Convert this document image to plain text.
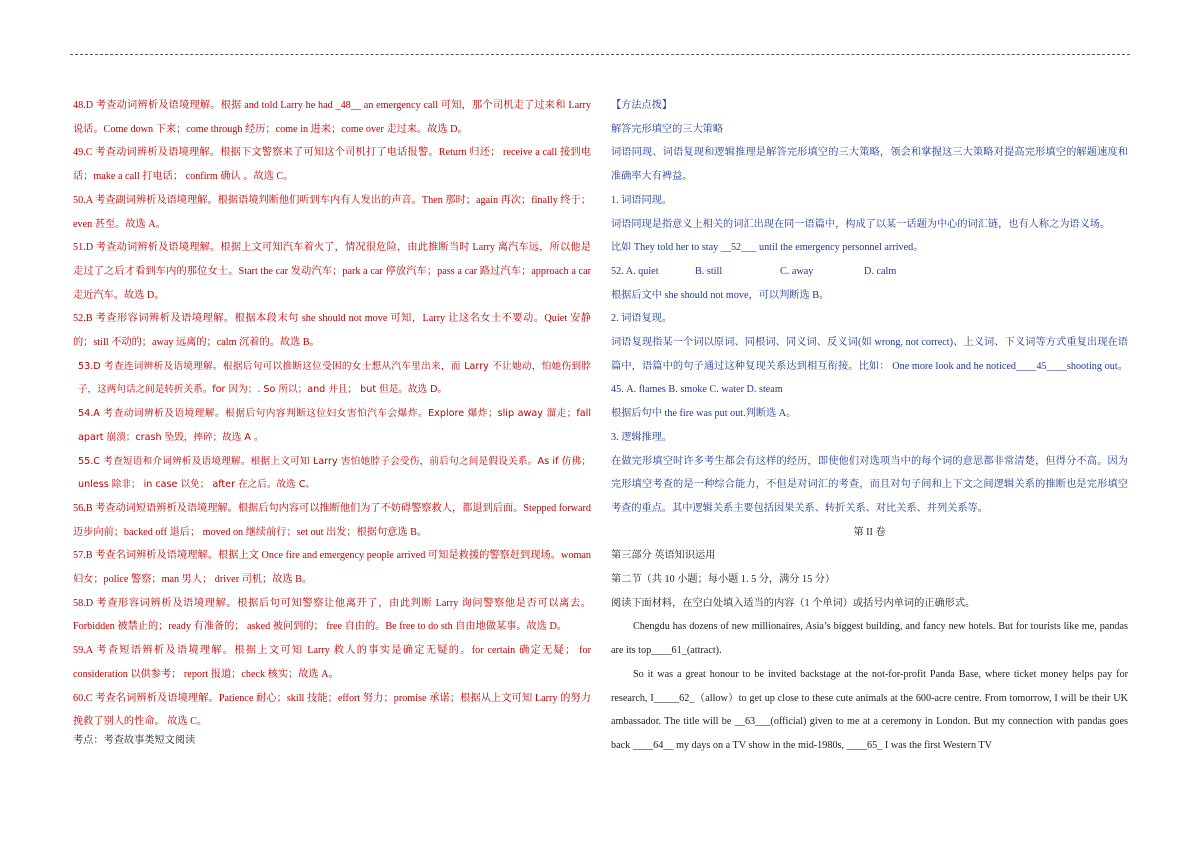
48.D 考查动词辨析及语境理解。根据 and told Larry he had _48__ an emergency call 可知，那个司机走了过来和 Larry 说话。Come down 下来；come through 经历；come in 进来；come over 走过来。故选 D。

49.C 考查动词辨析及语境理解。根据下文警察来了可知这个司机打了电话报警。Return 归还； receive a call 接到电话；make a call 打电话； confirm 确认 。故选 C。

50.A 考查副词辨析及语境理解。根据语境判断他们听到车内有人发出的声音。Then 那时；again 再次；finally 终于；even 甚至。故选 A。

51.D 考查动词辨析及语境理解。根据上文可知汽车着火了，情况很危险，由此推断当时 Larry 离汽车远，所以他是走过了之后才看到车内的那位女士。Start the car 发动汽车；park a car 停放汽车；pass a car 路过汽车；approach a car 走近汽车。故选 D。

52.B 考查形容词辨析及语境理解。根据本段末句 she should not move 可知，Larry 让这名女士不要动。Quiet 安静的；still 不动的；away 远离的；calm 沉着的。故选 B。

53.D 考查连词辨析及语境理解。根据后句可以推断这位受困的女士想从汽车里出来，而 Larry 不让她动，怕她伤到脖子，这两句话之间是转折关系。for 因为；. So 所以；and 并且； but 但是。故选 D。

54.A 考查动词辨析及语境理解。根据后句内容判断这位妇女害怕汽车会爆炸。Explore 爆炸；slip away 溜走；fall apart 崩溃；crash 坠毁，摔碎；故选 A 。

55.C 考查短语和介词辨析及语境理解。根据上文可知 Larry 害怕她脖子会受伤，前后句之间是假设关系。As if 仿佛；unless 除非； in case 以免； after 在之后。故选 C。

56.B 考查动词短语辨析及语境理解。根据后句内容可以推断他们为了不妨碍警察救人，都退到后面。Stepped forward 迈步向前；backed off 退后； moved on 继续前行；set out 出发；根据句意选 B。

57.B 考查名词辨析及语境理解。根据上文 Once fire and emergency people arrived 可知是救援的警察赶到现场。woman 妇女；police 警察；man 男人； driver 司机；故选 B。

58.D 考查形容词辨析及语境理解。根据后句可知警察让他离开了，由此判断 Larry 询问警察他是否可以离去。Forbidden 被禁止的；ready 有准备的； asked 被问到的； free 自由的。Be free to do sth 自由地做某事。故选 D。

59.A 考查短语辨析及语境理解。根据上文可知 Larry 救人的事实是确定无疑的。for certain 确定无疑； for consideration 以供参考； report 报道；check 核实；故选 A。

60.C 考查名词辨析及语境理解。Patience 耐心；skill 技能；effort 努力；promise 承诺；根据从上文可知 Larry 的努力挽救了别人的性命。 故选 C。

考点：考查故事类短文阅读

【方法点拨】

解答完形填空的三大策略

词语同现、词语复现和逻辑推理是解答完形填空的三大策略，领会和掌握这三大策略对提高完形填空的解题速度和准确率大有裨益。

1. 词语同现。

词语同现是指意义上相关的词汇出现在同一语篇中，构成了以某一话题为中心的词汇链，也有人称之为语义场。

比如 They told her to stay __52___ until the emergency personnel arrived。

52. A. quiet	B. still	C. away	D. calm

根据后文中 she should not move，可以判断选 B。

2. 词语复现。

词语复现指某一个词以原词、同根词、同义词、反义词(如 wrong, not correct)、上义词、下义词等方式重复出现在语篇中，语篇中的句子通过这种复现关系达到相互衔接。比如： One more look and he noticed____45____shooting out。45. A. flames B. smoke C. water D. steam

根据后句中 the fire was put out.判断选 A。

3. 逻辑推理。

在做完形填空时许多考生都会有这样的经历，即使他们对选项当中的每个词的意思都非常清楚，但得分不高。因为完形填空考查的是一种综合能力，不但是对词汇的考查，而且对句子间和上下文之间逻辑关系的推断也是完形填空考查的重点。其中逻辑关系主要包括因果关系、转折关系、对比关系、并列关系等。

第 II 卷

第三部分 英语知识运用

第二节（共 10 小题；每小题 1. 5 分，满分 15 分）

阅读下面材料，在空白处填入适当的内容（1 个单词）或括号内单词的正确形式。

Chengdu has dozens of new millionaires, Asia’s biggest building, and fancy new hotels. But for tourists like me, pandas are its top____61_(attract).

So it was a great honour to be invited backstage at the not-for-profit Panda Base, where ticket money helps pay for research, I_____62_（allow）to get up close to these cute animals at the 600-acre centre. From tomorrow, I will be their UK ambassador. The title will be __63___(official) given to me at a ceremony in London. But my connection with pandas goes back ____64__ my days on a TV show in the mid-1980s, ____65_ I was the first Western TV
